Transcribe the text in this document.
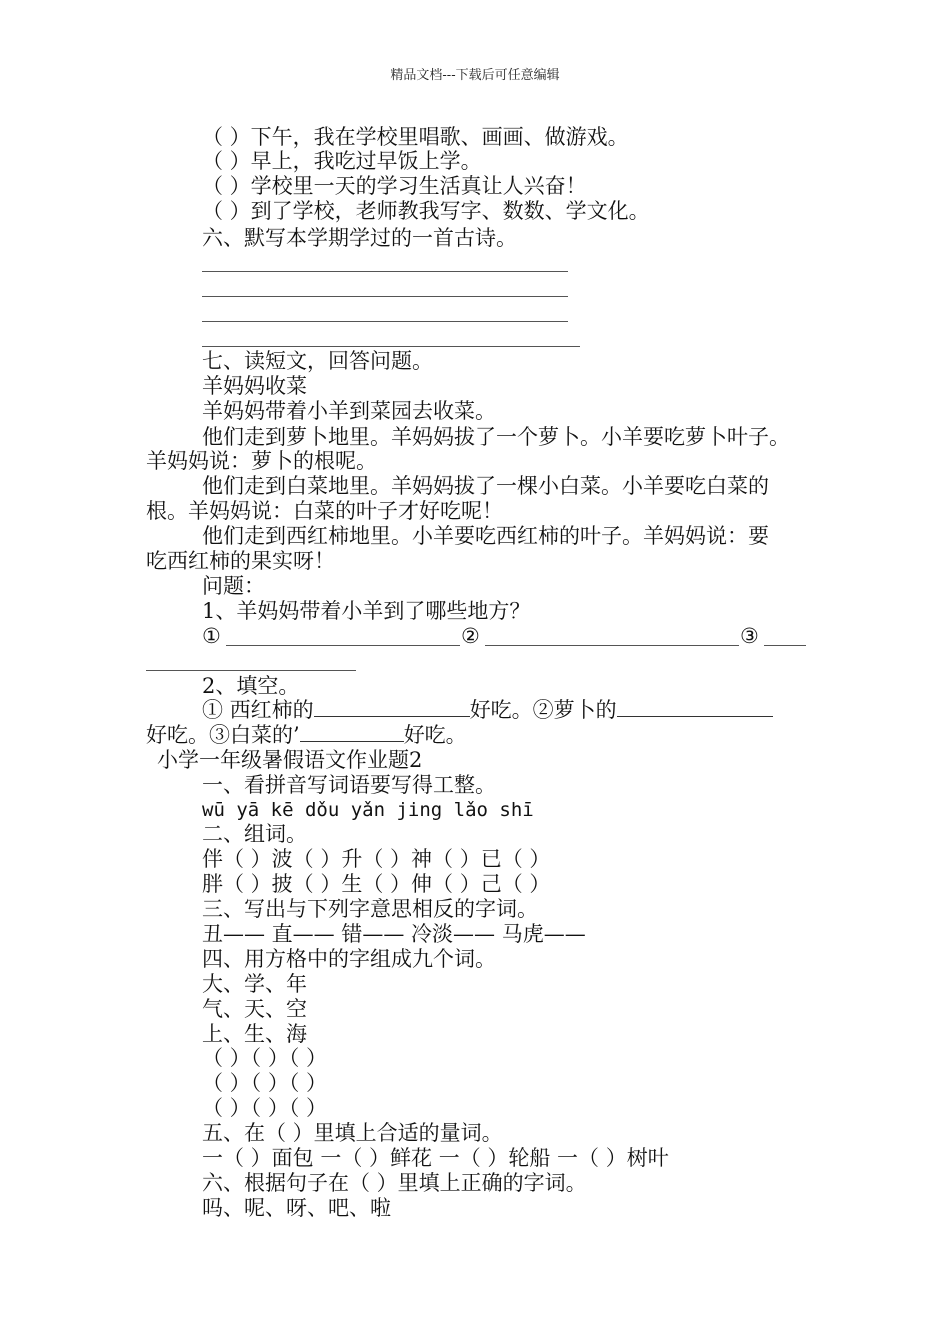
精品文档---下载后可任意编辑
（ ）下午，我在学校里唱歌、画画、做游戏。
（ ）早上，我吃过早饭上学。
（ ）学校里一天的学习生活真让人兴奋！
（ ）到了学校，老师教我写字、数数、学文化。
六、默写本学期学过的一首古诗。
七、读短文，回答问题。
羊妈妈收菜
羊妈妈带着小羊到菜园去收菜。
他们走到萝卜地里。羊妈妈拔了一个萝卜。小羊要吃萝卜叶子。
羊妈妈说：萝卜的根呢。
他们走到白菜地里。羊妈妈拔了一棵小白菜。小羊要吃白菜的
根。羊妈妈说：白菜的叶子才好吃呢！
他们走到西红柿地里。小羊要吃西红柿的叶子。羊妈妈说：要
吃西红柿的果实呀！
问题：
1、羊妈妈带着小羊到了哪些地方？
①	②	③
2、填空。
① 西红柿的	好吃。②萝卜的
好吃。③白菜的’	好吃。
小学一年级暑假语文作业题2
一、看拼音写词语要写得工整。
wū yā kē dǒu yǎn jing lǎo shī
二、组词。
伴（ ）波（ ）升（ ）神（ ）已（ ）
胖（ ）披（ ）生（ ）伸（ ）己（ ）
三、写出与下列字意思相反的字词。
丑—— 直—— 错—— 冷淡—— 马虎——
四、用方格中的字组成九个词。
大、学、年
气、天、空
上、生、海
（ ）（ ）（ ）
（ ）（ ）（ ）
（ ）（ ）（ ）
五、在（ ）里填上合适的量词。
一（ ）面包 一（ ）鲜花 一（ ）轮船 一（ ）树叶
六、根据句子在（ ）里填上正确的字词。
吗、呢、呀、吧、啦
